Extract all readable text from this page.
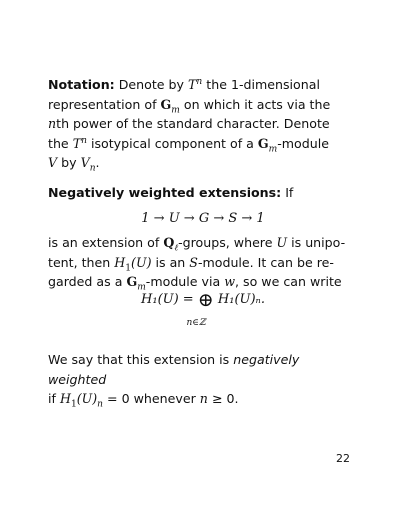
Notation: Denote by $T^n$ the 1-dimensional

representation of $G_m$ on which it acts via the

nth power of the standard character. Denote

the $T^n$ isotypical component of a $G_m$-module

V by $V_n$.

Negatively weighted extensions: If

1 → U → G → S → 1

is an extension of $Q_\ell$-groups, where U is unipo-

tent, then $H_1(U)$ is an S-module. It can be re-

garded as a $G_m$-module via w, so we can write

H₁(U) = ⊕ H₁(U)ₙ.
n∈ℤ

We say that this extension is negatively weighted

if $H_1(U)_n = 0$ whenever n ≥ 0.

22
